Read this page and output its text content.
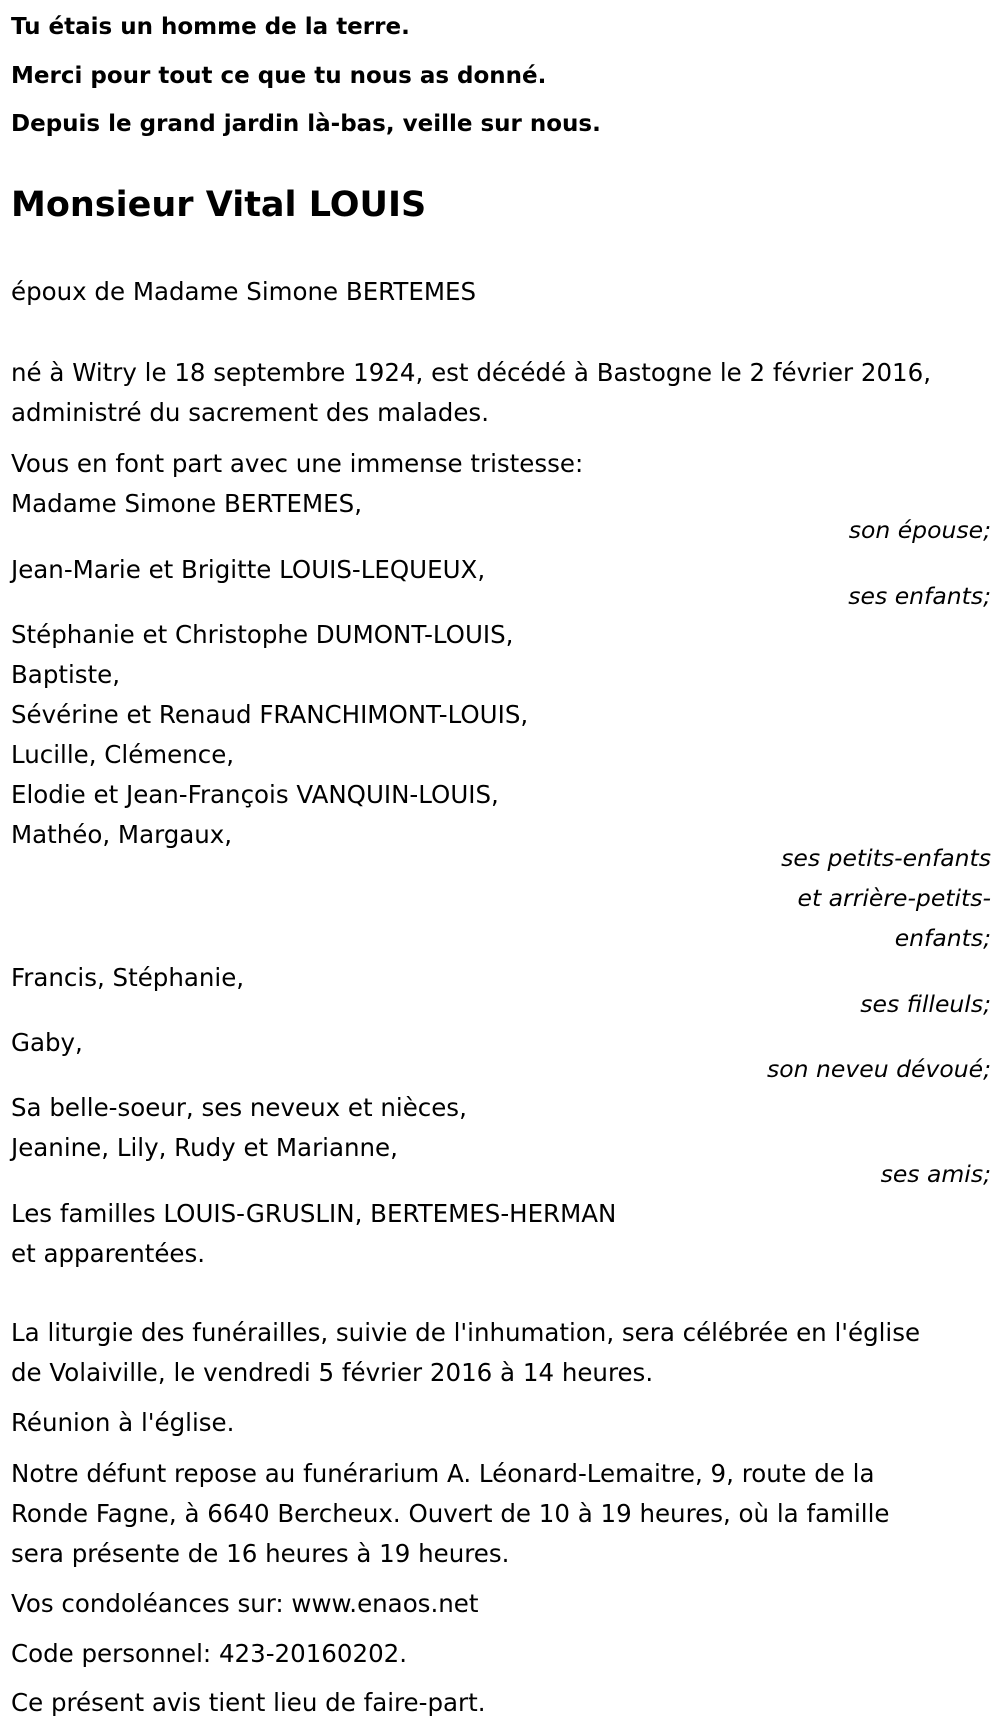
Tu étais un homme de la terre.
Merci pour tout ce que tu nous as donné.
Depuis le grand jardin là-bas, veille sur nous.
Monsieur Vital LOUIS

époux de Madame Simone BERTEMES

né à Witry le 18 septembre 1924, est décédé à Bastogne le 2 février 2016,
administré du sacrement des malades.

Vous en font part avec une immense tristesse:

Madame Simone BERTEMES,

son épouse;

Jean-Marie et Brigitte LOUIS-LEQUEUX,

ses enfants;

Stéphanie et Christophe DUMONT-LOUIS,
Baptiste,
Sévérine et Renaud FRANCHIMONT-LOUIS,
Lucille, Clémence,
Elodie et Jean-François VANQUIN-LOUIS,
Mathéo, Margaux,

ses petits-enfants
et arrière-petits-
enfants;

Francis, Stéphanie,

ses filleuls;

Gaby,

son neveu dévoué;

Sa belle-soeur, ses neveux et nièces,
Jeanine, Lily, Rudy et Marianne,

ses amis;

Les familles LOUIS-GRUSLIN, BERTEMES-HERMAN
et apparentées.

La liturgie des funérailles, suivie de l'inhumation, sera célébrée en l'église
de Volaiville, le vendredi 5 février 2016 à 14 heures.

Réunion à l'église.

Notre défunt repose au funérarium A. Léonard-Lemaitre, 9, route de la
Ronde Fagne, à 6640 Bercheux. Ouvert de 10 à 19 heures, où la famille
sera présente de 16 heures à 19 heures.

Vos condoléances sur: www.enaos.net

Code personnel: 423-20160202.

Ce présent avis tient lieu de faire-part.
